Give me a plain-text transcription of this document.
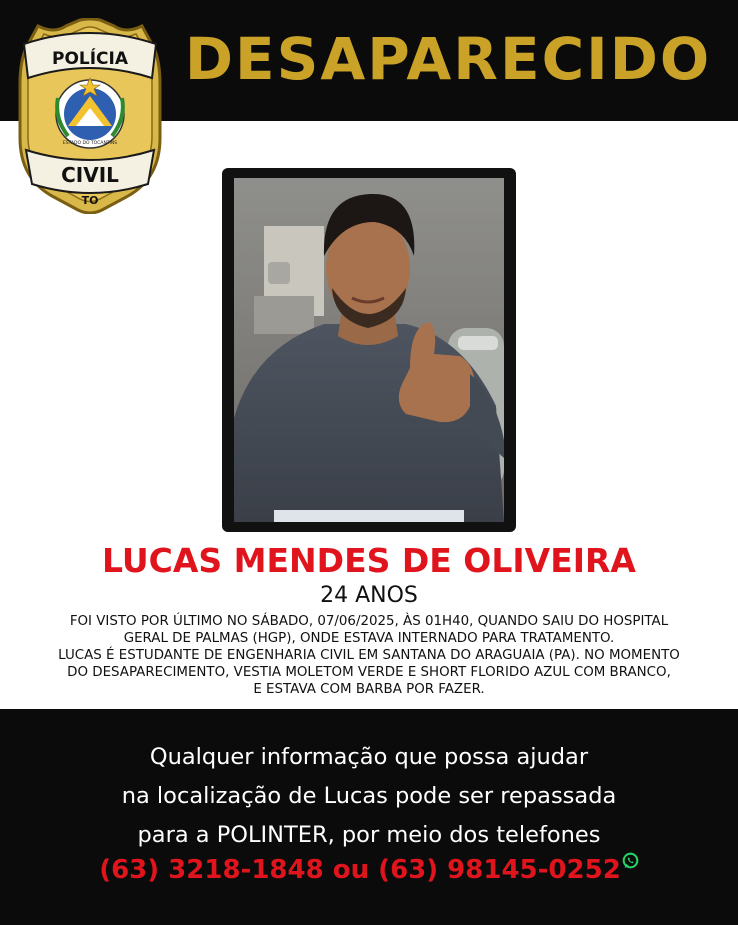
DESAPARECIDO
POLÍCIA
CIVIL
ESTADO DO TOCANTINS
TO
LUCAS MENDES DE OLIVEIRA
24 ANOS
FOI VISTO POR ÚLTIMO NO SÁBADO, 07/06/2025, ÀS 01H40, QUANDO SAIU DO HOSPITAL
GERAL DE PALMAS (HGP), ONDE ESTAVA INTERNADO PARA TRATAMENTO.
LUCAS É ESTUDANTE DE ENGENHARIA CIVIL EM SANTANA DO ARAGUAIA (PA). NO MOMENTO
DO DESAPARECIMENTO, VESTIA MOLETOM VERDE E SHORT FLORIDO AZUL COM BRANCO,
E ESTAVA COM BARBA POR FAZER.
Qualquer informação que possa ajudar
na localização de Lucas pode ser repassada
para a POLINTER, por meio dos telefones
(63) 3218-1848 ou (63) 98145-0252
